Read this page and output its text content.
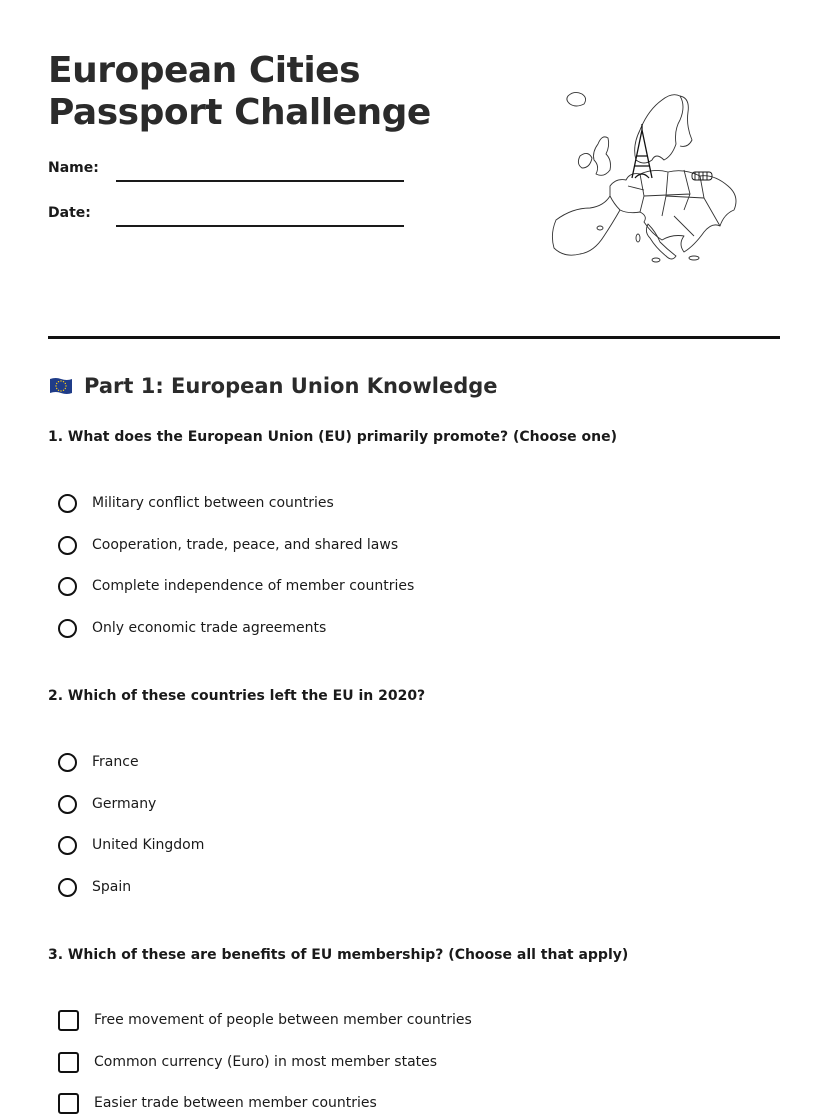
European Cities
Passport Challenge
Name:
Date:
Part 1: European Union Knowledge

1. What does the European Union (EU) primarily promote? (Choose one)

Military conflict between countries
Cooperation, trade, peace, and shared laws
Complete independence of member countries
Only economic trade agreements

2. Which of these countries left the EU in 2020?

France
Germany
United Kingdom
Spain

3. Which of these are benefits of EU membership? (Choose all that apply)

Free movement of people between member countries
Common currency (Euro) in most member states
Easier trade between member countries
